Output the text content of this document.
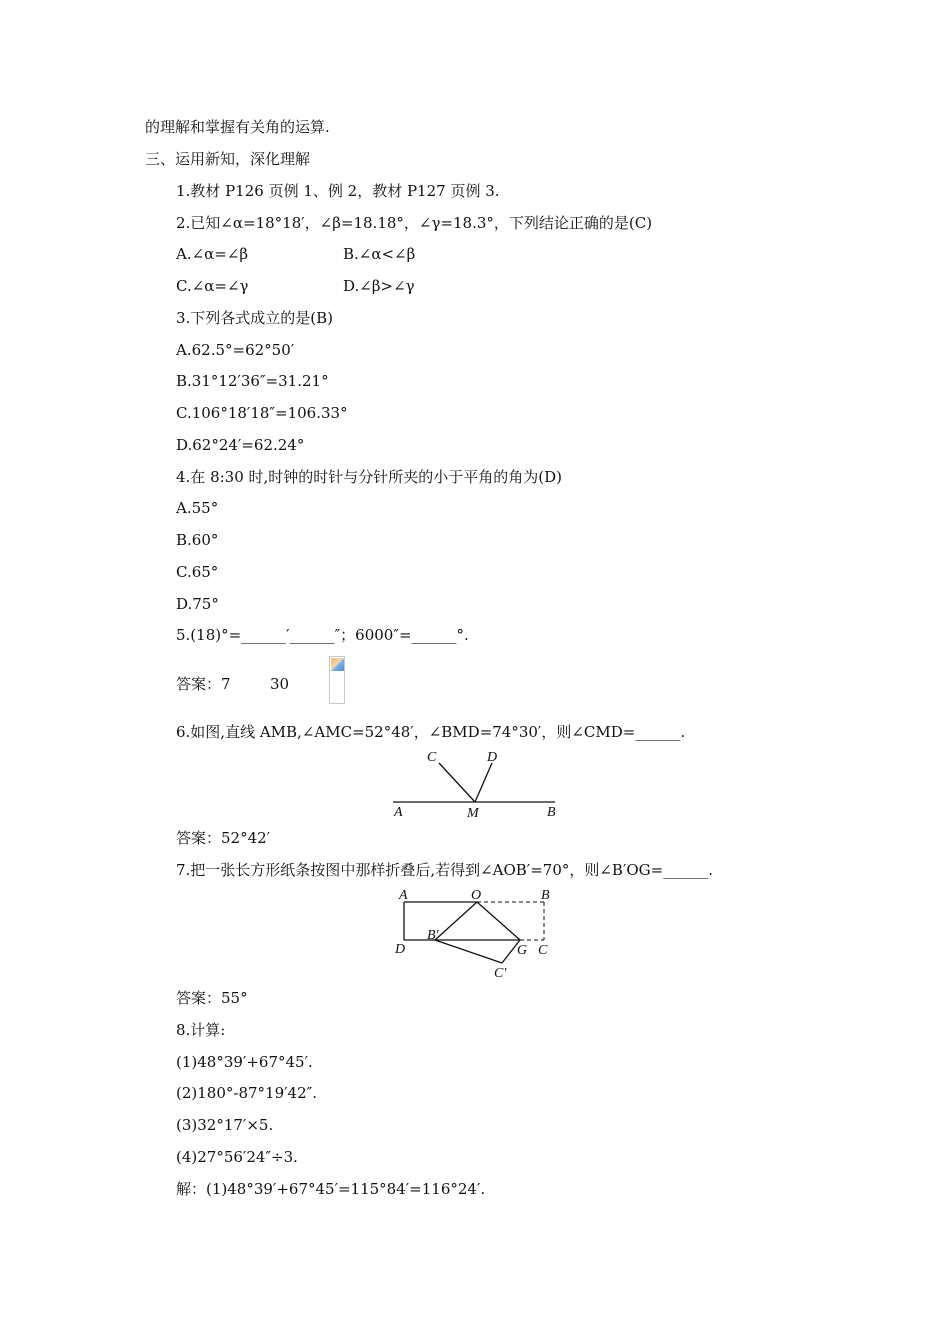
的理解和掌握有关角的运算.
三、运用新知，深化理解
1.教材 P126 页例 1、例 2，教材 P127 页例 3.
2.已知∠α=18°18′，∠β=18.18°，∠γ=18.3°，下列结论正确的是(C)
A.∠α=∠β	B.∠α<∠β
C.∠α=∠γ	D.∠β>∠γ
3.下列各式成立的是(B)
A.62.5°=62°50′
B.31°12′36″=31.21°
C.106°18′18″=106.33°
D.62°24′=62.24°
4.在 8:30 时,时钟的时针与分针所夹的小于平角的角为(D)
A.55°
B.60°
C.65°
D.75°
5.(18)°=______′______″；6000″=______°.
答案：7	30
6.如图,直线 AMB,∠AMC=52°48′，∠BMD=74°30′，则∠CMD=______.
A	M	B
C	D
答案：52°42′
7.把一张长方形纸条按图中那样折叠后,若得到∠AOB′=70°，则∠B′OG=______.
A	O	B
D
B′
G C
C′
答案：55°
8.计算:
(1)48°39′+67°45′.
(2)180°-87°19′42″.
(3)32°17′×5.
(4)27°56′24″÷3.
解：(1)48°39′+67°45′=115°84′=116°24′.
